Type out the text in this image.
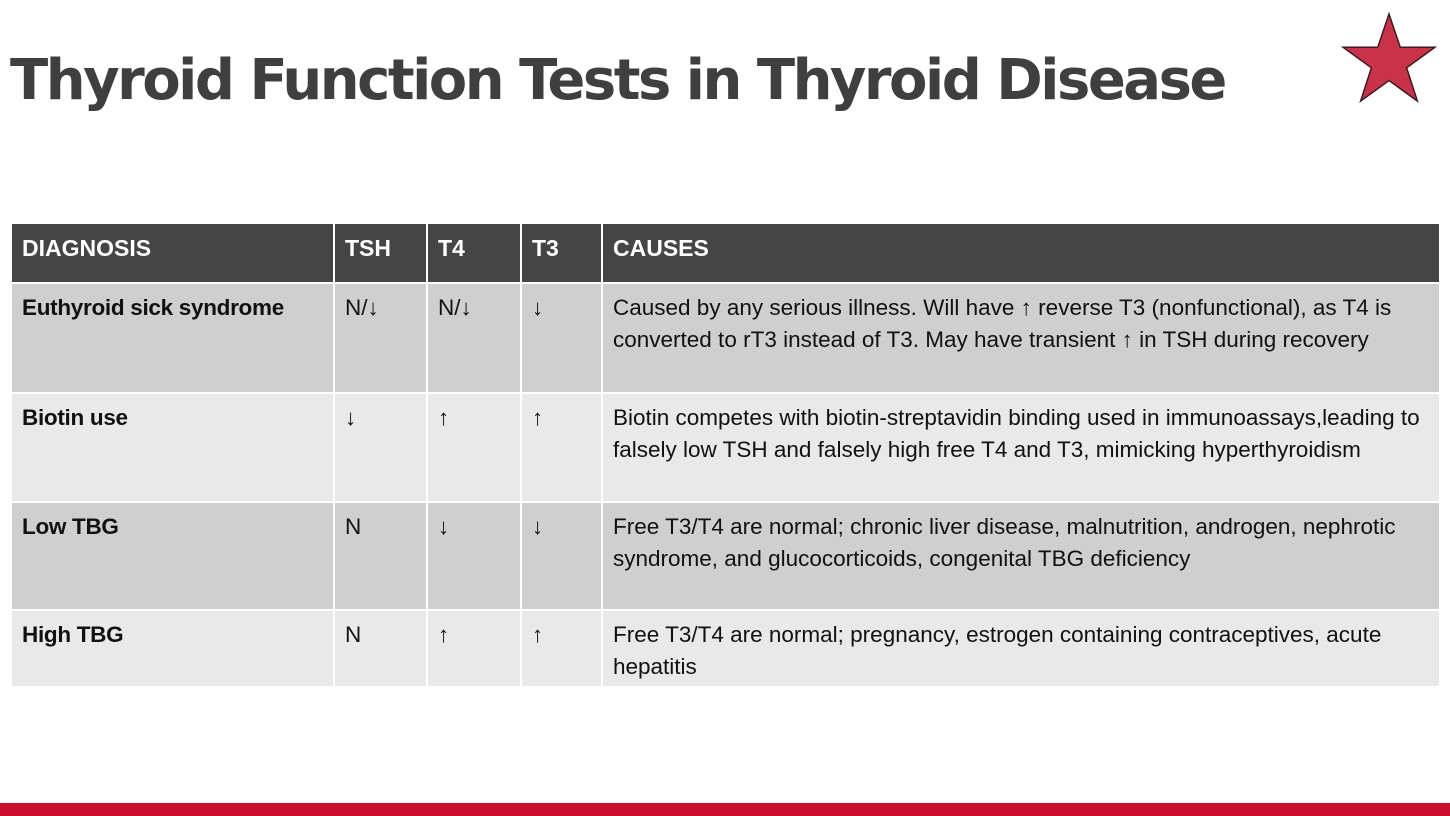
Thyroid Function Tests in Thyroid Disease
DIAGNOSIS	TSH	T4	T3	CAUSES
Euthyroid sick syndrome	N/↓	N/↓	↓	Caused by any serious illness. Will have ↑ reverse T3 (nonfunctional), as T4 is converted to rT3 instead of T3. May have transient ↑ in TSH during recovery
Biotin use	↓	↑	↑	Biotin competes with biotin-streptavidin binding used in immunoassays,leading to falsely low TSH and falsely high free T4 and T3, mimicking hyperthyroidism
Low TBG	N	↓	↓	Free T3/T4 are normal; chronic liver disease, malnutrition, androgen, nephrotic syndrome, and glucocorticoids, congenital TBG deficiency
High TBG	N	↑	↑	Free T3/T4 are normal; pregnancy, estrogen containing contraceptives, acute hepatitis
